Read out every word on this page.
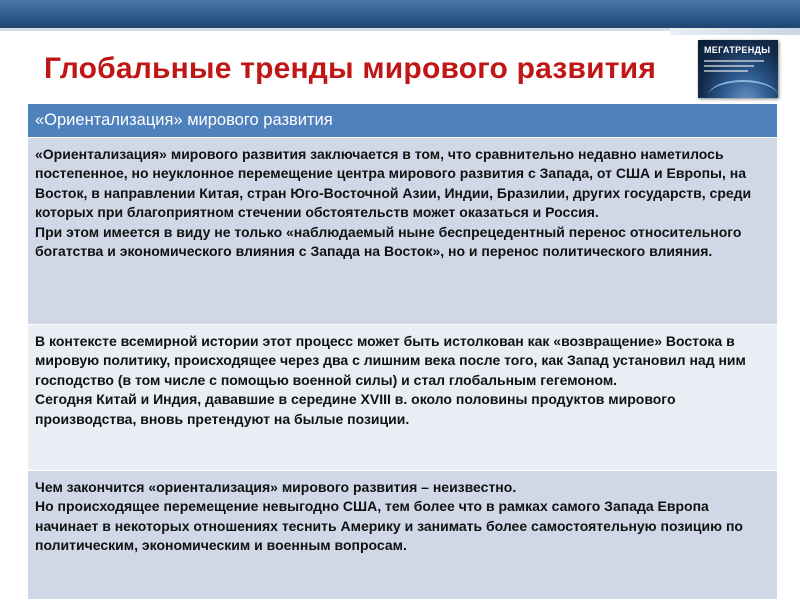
Глобальные тренды мирового развития
МЕГАТРЕНДЫ
«Ориентализация» мирового развития

«Ориентализация» мирового развития заключается в том, что сравнительно недавно наметилось постепенное, но неуклонное перемещение центра мирового развития с Запада, от США и Европы, на Восток, в направлении Китая, стран Юго-Восточной Азии, Индии, Бразилии, других государств, среди которых при благоприятном стечении обстоятельств может оказаться и Россия.

При этом имеется в виду не только «наблюдаемый ныне беспрецедентный перенос относительного богатства и экономического влияния с Запада на Восток», но и перенос политического влияния.

В контексте всемирной истории этот процесс может быть истолкован как «возвращение» Востока в мировую политику, происходящее через два с лишним века после того, как Запад установил над ним господство (в том числе с помощью военной силы) и стал глобальным гегемоном.

Сегодня Китай и Индия, дававшие в середине XVIII в. около половины продуктов мирового производства, вновь претендуют на былые позиции.

Чем закончится «ориентализация» мирового развития – неизвестно.

Но происходящее перемещение невыгодно США, тем более что в рамках самого Запада Европа начинает в некоторых отношениях теснить Америку и занимать более самостоятельную позицию по политическим, экономическим и военным вопросам.
